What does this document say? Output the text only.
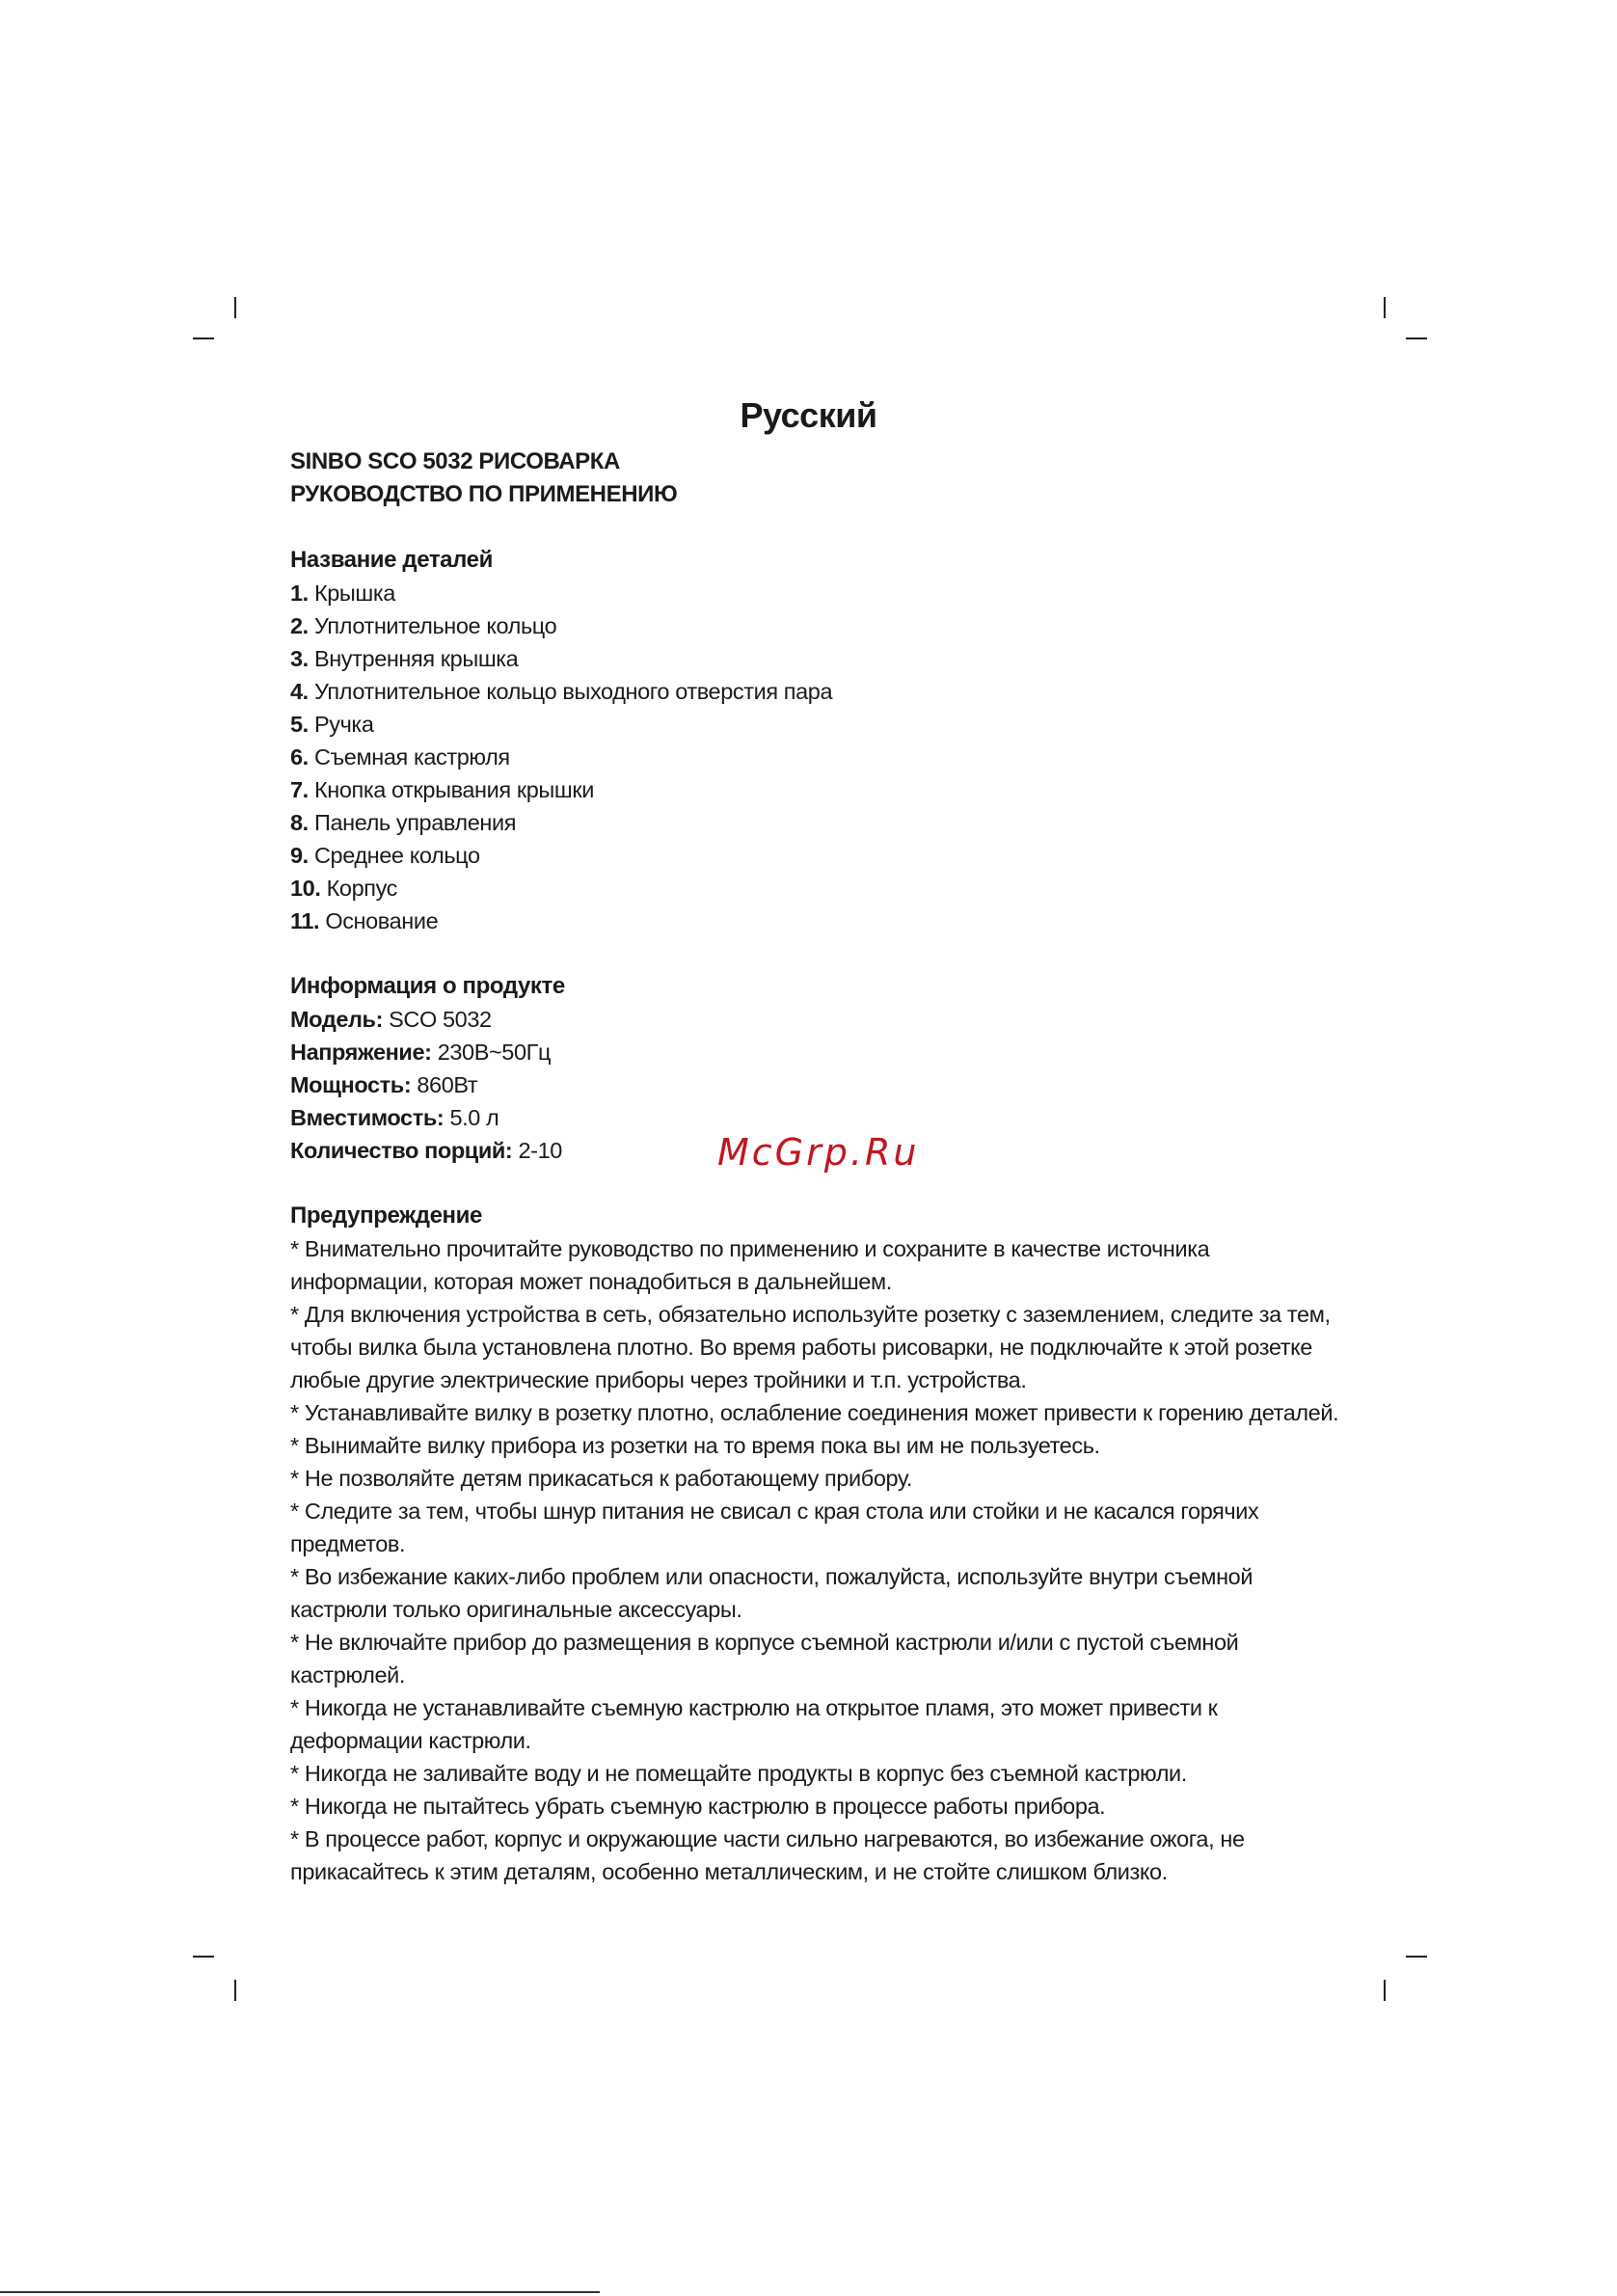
Русский
SINBO SCO 5032 РИСОВАРКА
РУКОВОДСТВО ПО ПРИМЕНЕНИЮ
Название деталей
1. Крышка
2. Уплотнительное кольцо
3. Внутренняя крышка
4. Уплотнительное кольцо выходного отверстия пара
5. Ручка
6. Съемная кастрюля
7. Кнопка открывания крышки
8. Панель управления
9. Среднее кольцо
10. Корпус
11. Основание
Информация о продукте
Модель: SCO 5032
Напряжение: 230В~50Гц
Мощность: 860Вт
Вместимость: 5.0 л
Количество порций: 2-10
Предупреждение
* Внимательно прочитайте руководство по применению и сохраните в качестве источника информации, которая может понадобиться в дальнейшем.
* Для включения устройства в сеть, обязательно используйте розетку с заземлением, следите за тем, чтобы вилка была установлена плотно. Во время работы рисоварки, не подключайте к этой розетке любые другие электрические приборы через тройники и т.п. устройства.
* Устанавливайте вилку в розетку плотно, ослабление соединения может привести к горению деталей.
* Вынимайте вилку прибора из розетки на то время пока вы им не пользуетесь.
* Не позволяйте детям прикасаться к работающему прибору.
* Следите за тем, чтобы шнур питания не свисал с края стола или стойки и не касался горячих предметов.
* Во избежание каких-либо проблем или опасности, пожалуйста, используйте внутри съемной кастрюли только оригинальные аксессуары.
* Не включайте прибор до размещения в корпусе съемной кастрюли и/или с пустой съемной кастрюлей.
* Никогда не устанавливайте съемную кастрюлю на открытое пламя, это может привести к деформации кастрюли.
* Никогда не заливайте воду и не помещайте продукты в корпус без съемной кастрюли.
* Никогда не пытайтесь убрать съемную кастрюлю в процессе работы прибора.
* В процессе работ, корпус и окружающие части сильно нагреваются, во избежание ожога, не прикасайтесь к этим деталям, особенно металлическим, и не стойте слишком близко.
McGrp.Ru
